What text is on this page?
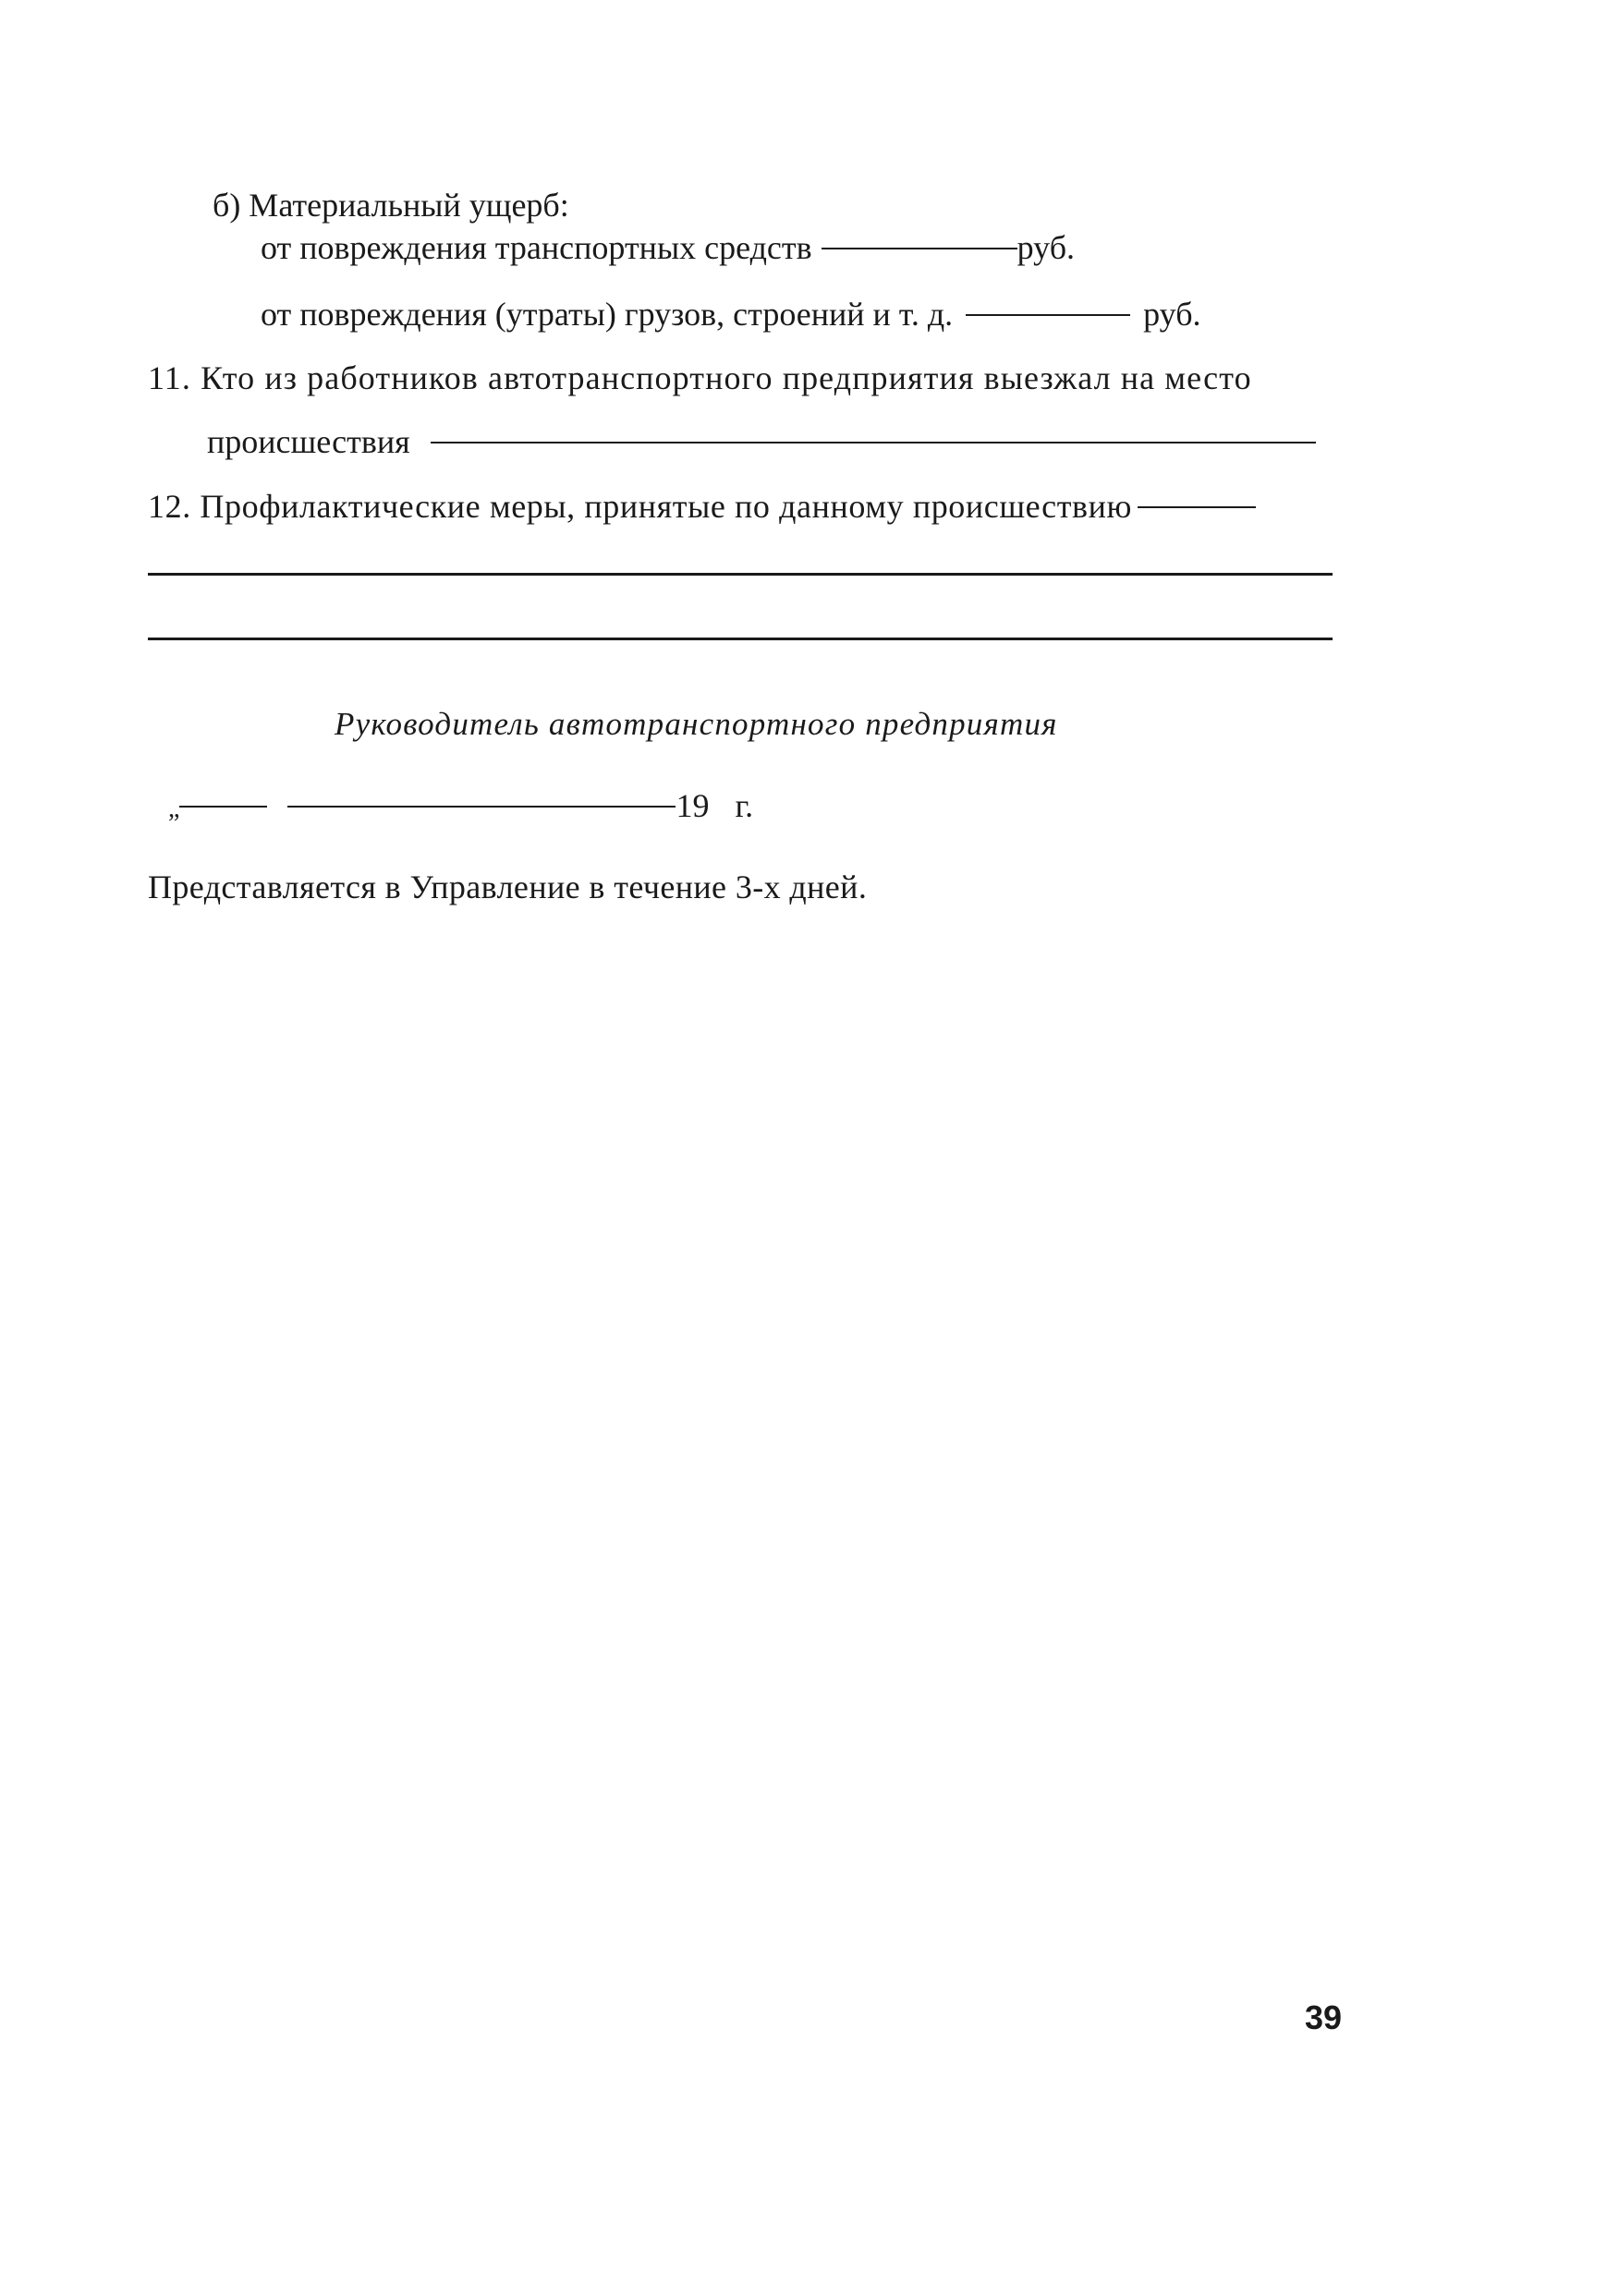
б) Материальный ущерб:
от повреждения транспортных средств	руб.
от повреждения (утраты) грузов, строений и т. д.	руб.
11. Кто из работников автотранспортного предприятия выезжал на место
происшествия
12. Профилактические меры, принятые по данному происшествию
Руководитель автотранспортного предприятия
„	19 г.
Представляется в Управление в течение 3-х дней.
39
